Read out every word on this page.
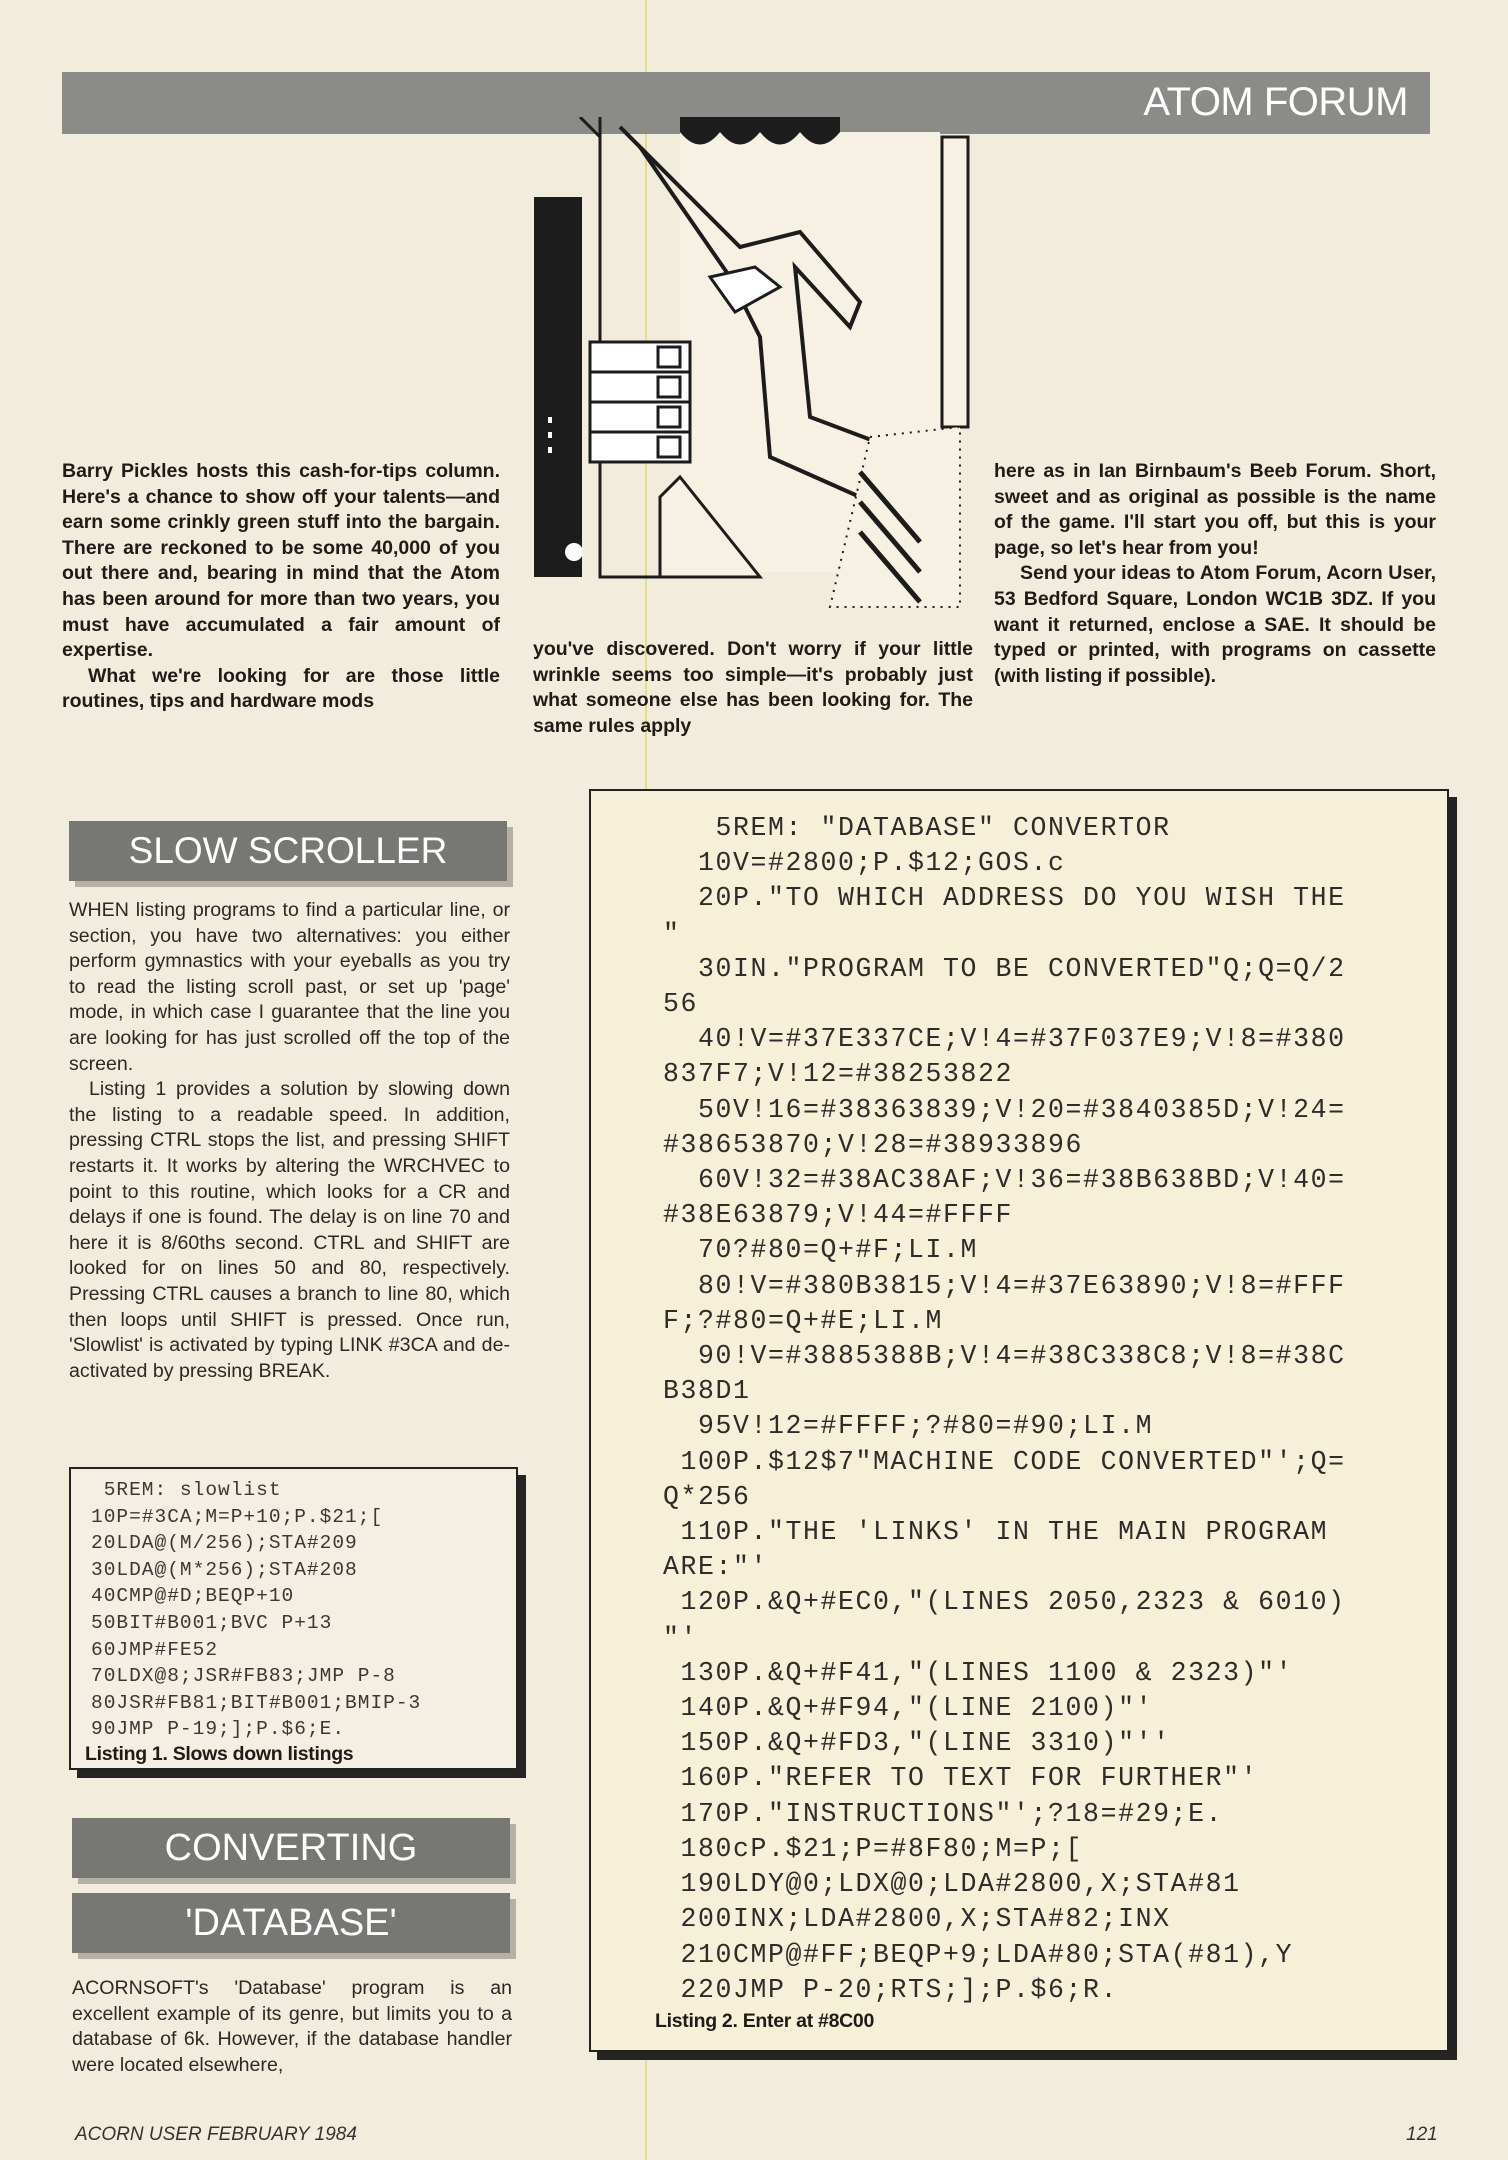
ATOM FORUM

Barry Pickles hosts this cash-for-tips column. Here's a chance to show off your talents—and earn some crinkly green stuff into the bargain. There are reckoned to be some 40,000 of you out there and, bearing in mind that the Atom has been around for more than two years, you must have accumulated a fair amount of expertise.

What we're looking for are those little routines, tips and hardware mods

you've discovered. Don't worry if your little wrinkle seems too simple—it's probably just what someone else has been looking for. The same rules apply

here as in Ian Birnbaum's Beeb Forum. Short, sweet and as original as possible is the name of the game. I'll start you off, but this is your page, so let's hear from you!

Send your ideas to Atom Forum, Acorn User, 53 Bedford Square, London WC1B 3DZ. If you want it returned, enclose a SAE. It should be typed or printed, with programs on cassette (with listing if possible).

SLOW SCROLLER

WHEN listing programs to find a particular line, or section, you have two alternatives: you either perform gymnastics with your eyeballs as you try to read the listing scroll past, or set up 'page' mode, in which case I guarantee that the line you are looking for has just scrolled off the top of the screen.

Listing 1 provides a solution by slowing down the listing to a readable speed. In addition, pressing CTRL stops the list, and pressing SHIFT restarts it. It works by altering the WRCHVEC to point to this routine, which looks for a CR and delays if one is found. The delay is on line 70 and here it is 8/60ths second. CTRL and SHIFT are looked for on lines 50 and 80, respectively. Pressing CTRL causes a branch to line 80, which then loops until SHIFT is pressed. Once run, 'Slowlist' is activated by typing LINK #3CA and de-activated by pressing BREAK.

5REM: slowlist
10P=#3CA;M=P+10;P.$21;[
20LDA@(M/256);STA#209
30LDA@(M*256);STA#208
40CMP@#D;BEQP+10
50BIT#B001;BVC P+13
60JMP#FE52
70LDX@8;JSR#FB83;JMP P-8
80JSR#FB81;BIT#B001;BMIP-3
90JMP P-19;];P.$6;E.
Listing 1. Slows down listings
CONVERTING
'DATABASE'
ACORNSOFT's 'Database' program is an excellent example of its genre, but limits you to a database of 6k. However, if the database handler were located elsewhere,
5REM: "DATABASE" CONVERTOR
10V=#2800;P.$12;GOS.c
20P."TO WHICH ADDRESS DO YOU WISH THE
"
30IN."PROGRAM TO BE CONVERTED"Q;Q=Q/2
56
40!V=#37E337CE;V!4=#37F037E9;V!8=#380
837F7;V!12=#38253822
50V!16=#38363839;V!20=#3840385D;V!24=
#38653870;V!28=#38933896
60V!32=#38AC38AF;V!36=#38B638BD;V!40=
#38E63879;V!44=#FFFF
70?#80=Q+#F;LI.M
80!V=#380B3815;V!4=#37E63890;V!8=#FFF
F;?#80=Q+#E;LI.M
90!V=#3885388B;V!4=#38C338C8;V!8=#38C
B38D1
95V!12=#FFFF;?#80=#90;LI.M
100P.$12$7"MACHINE CODE CONVERTED"';Q=
Q*256
110P."THE 'LINKS' IN THE MAIN PROGRAM
ARE:"'
120P.&Q+#EC0,"(LINES 2050,2323 & 6010)
"'
130P.&Q+#F41,"(LINES 1100 & 2323)"'
140P.&Q+#F94,"(LINE 2100)"'
150P.&Q+#FD3,"(LINE 3310)"''
160P."REFER TO TEXT FOR FURTHER"'
170P."INSTRUCTIONS"';?18=#29;E.
180cP.$21;P=#8F80;M=P;[
190LDY@0;LDX@0;LDA#2800,X;STA#81
200INX;LDA#2800,X;STA#82;INX
210CMP@#FF;BEQP+9;LDA#80;STA(#81),Y
220JMP P-20;RTS;];P.$6;R.
Listing 2. Enter at #8C00
ACORN USER FEBRUARY 1984	121
